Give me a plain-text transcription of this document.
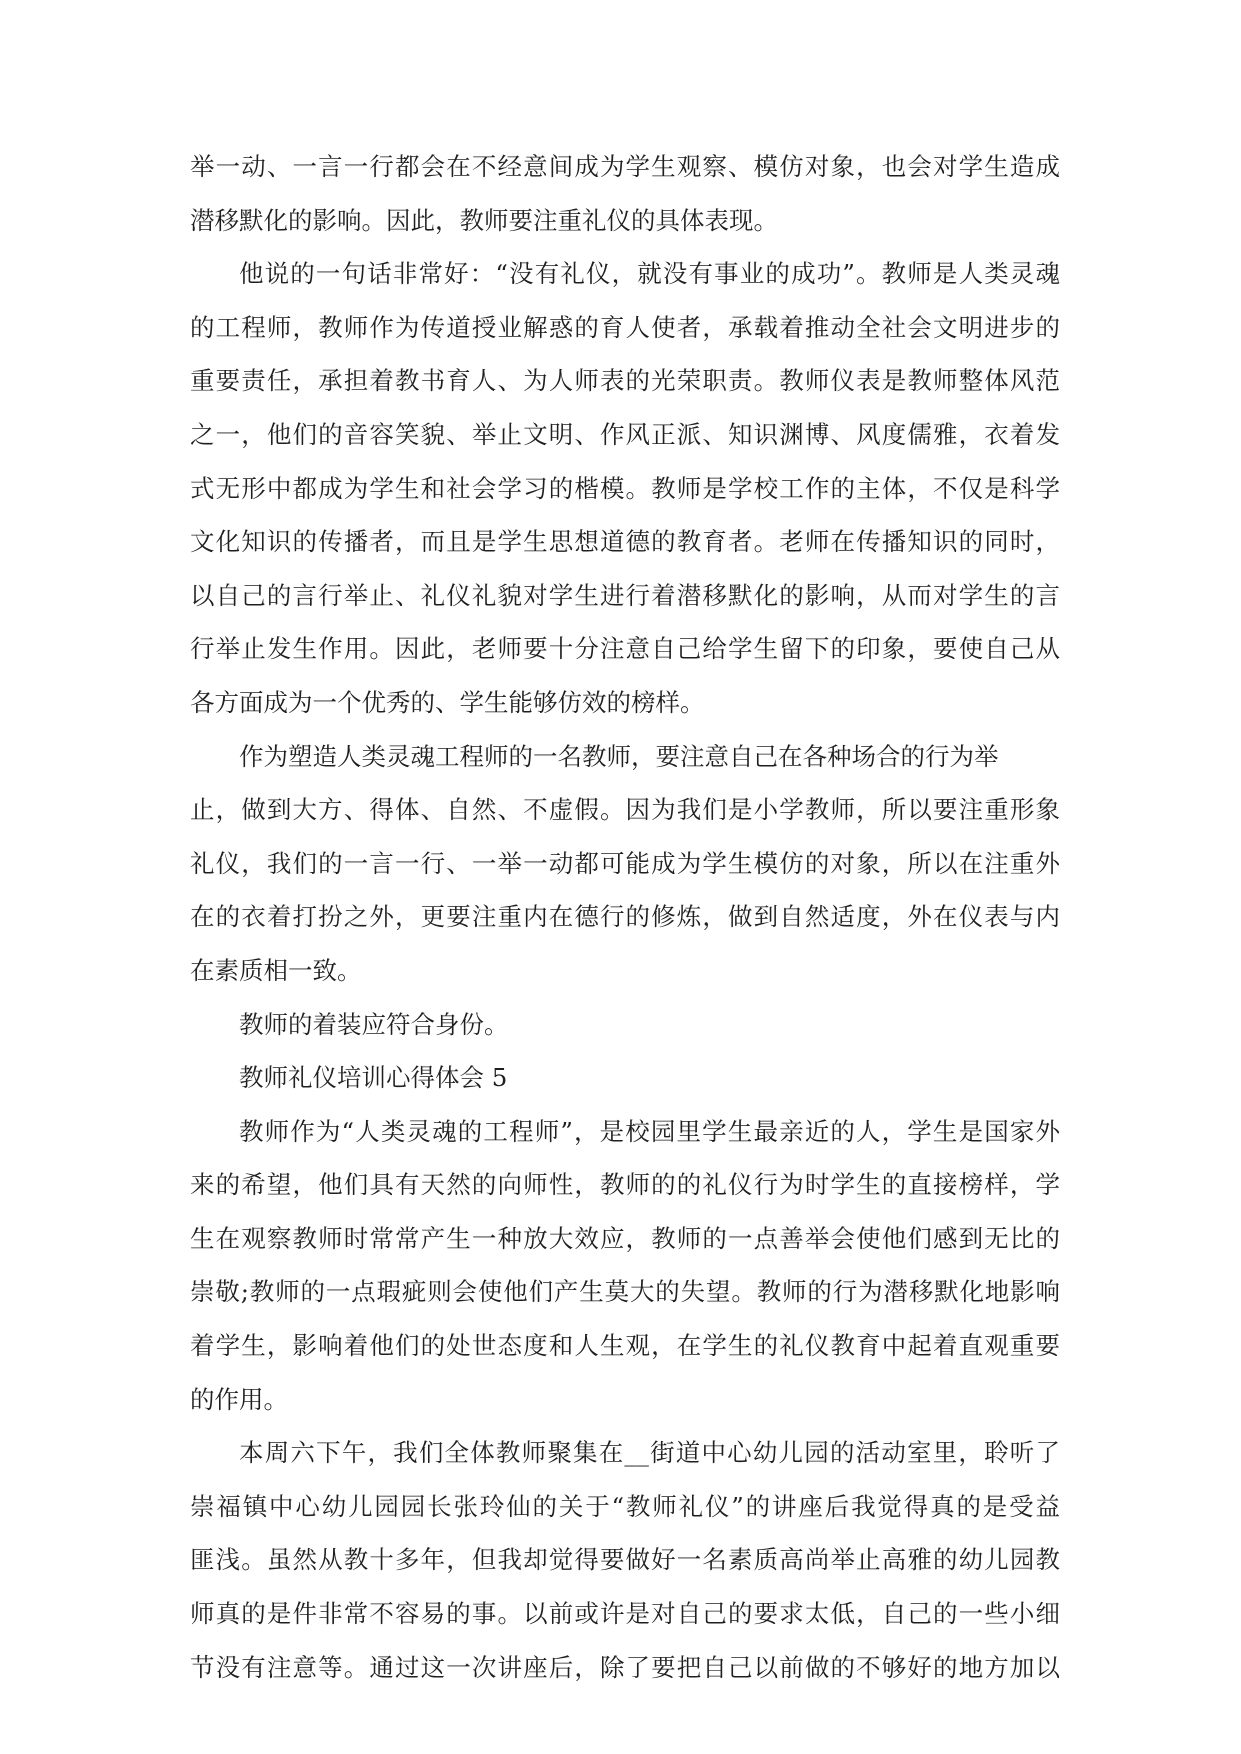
举一动、一言一行都会在不经意间成为学生观察、模仿对象，也会对学生造成
潜移默化的影响。因此，教师要注重礼仪的具体表现。
他说的一句话非常好：“没有礼仪，就没有事业的成功”。教师是人类灵魂
的工程师，教师作为传道授业解惑的育人使者，承载着推动全社会文明进步的
重要责任，承担着教书育人、为人师表的光荣职责。教师仪表是教师整体风范
之一，他们的音容笑貌、举止文明、作风正派、知识渊博、风度儒雅，衣着发
式无形中都成为学生和社会学习的楷模。教师是学校工作的主体，不仅是科学
文化知识的传播者，而且是学生思想道德的教育者。老师在传播知识的同时，
以自己的言行举止、礼仪礼貌对学生进行着潜移默化的影响，从而对学生的言
行举止发生作用。因此，老师要十分注意自己给学生留下的印象，要使自己从
各方面成为一个优秀的、学生能够仿效的榜样。
作为塑造人类灵魂工程师的一名教师，要注意自己在各种场合的行为举
止，做到大方、得体、自然、不虚假。因为我们是小学教师，所以要注重形象
礼仪，我们的一言一行、一举一动都可能成为学生模仿的对象，所以在注重外
在的衣着打扮之外，更要注重内在德行的修炼，做到自然适度，外在仪表与内
在素质相一致。
教师的着装应符合身份。
教师礼仪培训心得体会 5
教师作为“人类灵魂的工程师”，是校园里学生最亲近的人，学生是国家外
来的希望，他们具有天然的向师性，教师的的礼仪行为时学生的直接榜样，学
生在观察教师时常常产生一种放大效应，教师的一点善举会使他们感到无比的
崇敬;教师的一点瑕疵则会使他们产生莫大的失望。教师的行为潜移默化地影响
着学生，影响着他们的处世态度和人生观，在学生的礼仪教育中起着直观重要
的作用。
本周六下午，我们全体教师聚集在__街道中心幼儿园的活动室里，聆听了
崇福镇中心幼儿园园长张玲仙的关于“教师礼仪”的讲座后我觉得真的是受益
匪浅。虽然从教十多年，但我却觉得要做好一名素质高尚举止高雅的幼儿园教
师真的是件非常不容易的事。以前或许是对自己的要求太低，自己的一些小细
节没有注意等。通过这一次讲座后，除了要把自己以前做的不够好的地方加以
